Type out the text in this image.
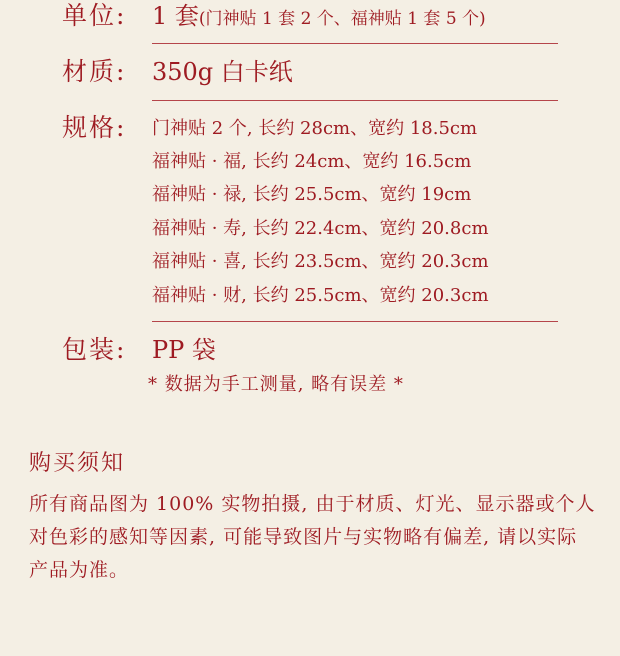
单位: 1 套(门神贴 1 套 2 个、福神贴 1 套 5 个)
材质: 350g 白卡纸
规格: 门神贴 2 个, 长约 28cm、宽约 18.5cm
福神贴 · 福, 长约 24cm、宽约 16.5cm
福神贴 · 禄, 长约 25.5cm、宽约 19cm
福神贴 · 寿, 长约 22.4cm、宽约 20.8cm
福神贴 · 喜, 长约 23.5cm、宽约 20.3cm
福神贴 · 财, 长约 25.5cm、宽约 20.3cm
包装: PP 袋
* 数据为手工测量, 略有误差 *
购买须知
所有商品图为 100% 实物拍摄, 由于材质、灯光、显示器或个人对色彩的感知等因素, 可能导致图片与实物略有偏差, 请以实际产品为准。
